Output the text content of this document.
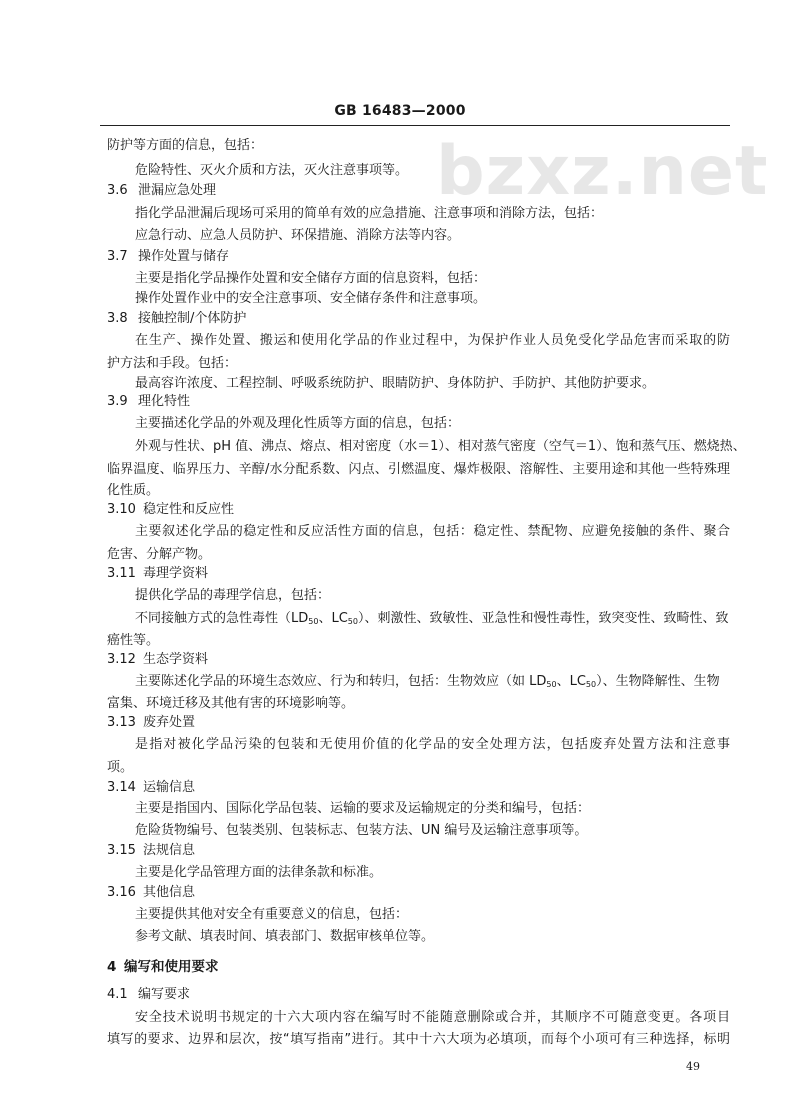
GB 16483—2000
bzxz.net
防护等方面的信息，包括：
危险特性、灭火介质和方法，灭火注意事项等。
3.6 泄漏应急处理
指化学品泄漏后现场可采用的简单有效的应急措施、注意事项和消除方法，包括：
应急行动、应急人员防护、环保措施、消除方法等内容。
3.7 操作处置与储存
主要是指化学品操作处置和安全储存方面的信息资料，包括：
操作处置作业中的安全注意事项、安全储存条件和注意事项。
3.8 接触控制/个体防护
在生产、操作处置、搬运和使用化学品的作业过程中，为保护作业人员免受化学品危害而采取的防
护方法和手段。包括：
最高容许浓度、工程控制、呼吸系统防护、眼睛防护、身体防护、手防护、其他防护要求。
3.9 理化特性
主要描述化学品的外观及理化性质等方面的信息，包括：
外观与性状、pH 值、沸点、熔点、相对密度（水＝1）、相对蒸气密度（空气＝1）、饱和蒸气压、燃烧热、
临界温度、临界压力、辛醇/水分配系数、闪点、引燃温度、爆炸极限、溶解性、主要用途和其他一些特殊理
化性质。
3.10 稳定性和反应性
主要叙述化学品的稳定性和反应活性方面的信息，包括：稳定性、禁配物、应避免接触的条件、聚合
危害、分解产物。
3.11 毒理学资料
提供化学品的毒理学信息，包括：
不同接触方式的急性毒性（$LD_{50}$、$LC_{50}$）、刺激性、致敏性、亚急性和慢性毒性，致突变性、致畸性、致
癌性等。
3.12 生态学资料
主要陈述化学品的环境生态效应、行为和转归，包括：生物效应（如 $LD_{50}$、$LC_{50}$）、生物降解性、生物
富集、环境迁移及其他有害的环境影响等。
3.13 废弃处置
是指对被化学品污染的包装和无使用价值的化学品的安全处理方法，包括废弃处置方法和注意事
项。
3.14 运输信息
主要是指国内、国际化学品包装、运输的要求及运输规定的分类和编号，包括：
危险货物编号、包装类别、包装标志、包装方法、UN 编号及运输注意事项等。
3.15 法规信息
主要是化学品管理方面的法律条款和标准。
3.16 其他信息
主要提供其他对安全有重要意义的信息，包括：
参考文献、填表时间、填表部门、数据审核单位等。
4 编写和使用要求
4.1 编写要求
安全技术说明书规定的十六大项内容在编写时不能随意删除或合并，其顺序不可随意变更。各项目
填写的要求、边界和层次，按“填写指南”进行。其中十六大项为必填项，而每个小项可有三种选择，标明
49
